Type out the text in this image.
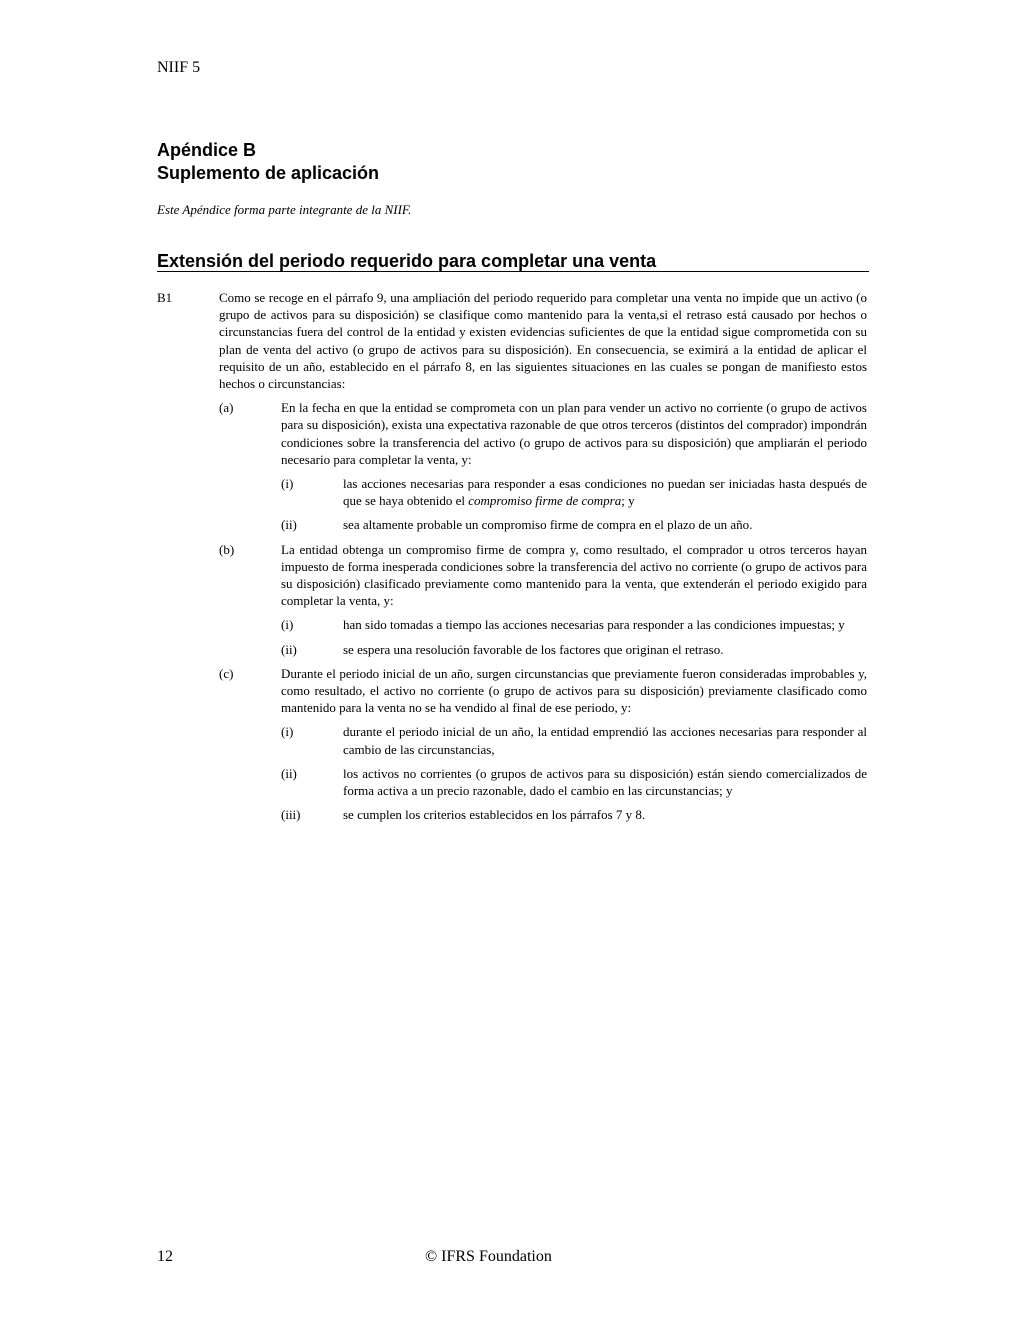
NIIF 5
Apéndice B
Suplemento de aplicación
Este Apéndice forma parte integrante de la NIIF.
Extensión del periodo requerido para completar una venta
B1	Como se recoge en el párrafo 9, una ampliación del periodo requerido para completar una venta no impide que un activo (o grupo de activos para su disposición) se clasifique como mantenido para la venta,si el retraso está causado por hechos o circunstancias fuera del control de la entidad y existen evidencias suficientes de que la entidad sigue comprometida con su plan de venta del activo (o grupo de activos para su disposición). En consecuencia, se eximirá a la entidad de aplicar el requisito de un año, establecido en el párrafo 8, en las siguientes situaciones en las cuales se pongan de manifiesto estos hechos o circunstancias:
(a)	En la fecha en que la entidad se comprometa con un plan para vender un activo no corriente (o grupo de activos para su disposición), exista una expectativa razonable de que otros terceros (distintos del comprador) impondrán condiciones sobre la transferencia del activo (o grupo de activos para su disposición) que ampliarán el periodo necesario para completar la venta, y:
(i)	las acciones necesarias para responder a esas condiciones no puedan ser iniciadas hasta después de que se haya obtenido el compromiso firme de compra; y
(ii)	sea altamente probable un compromiso firme de compra en el plazo de un año.
(b)	La entidad obtenga un compromiso firme de compra y, como resultado, el comprador u otros terceros hayan impuesto de forma inesperada condiciones sobre la transferencia del activo no corriente (o grupo de activos para su disposición) clasificado previamente como mantenido para la venta, que extenderán el periodo exigido para completar la venta, y:
(i)	han sido tomadas a tiempo las acciones necesarias para responder a las condiciones impuestas; y
(ii)	se espera una resolución favorable de los factores que originan el retraso.
(c)	Durante el periodo inicial de un año, surgen circunstancias que previamente fueron consideradas improbables y, como resultado, el activo no corriente (o grupo de activos para su disposición) previamente clasificado como mantenido para la venta no se ha vendido al final de ese periodo, y:
(i)	durante el periodo inicial de un año, la entidad emprendió las acciones necesarias para responder al cambio de las circunstancias,
(ii)	los activos no corrientes (o grupos de activos para su disposición) están siendo comercializados de forma activa a un precio razonable, dado el cambio en las circunstancias; y
(iii)	se cumplen los criterios establecidos en los párrafos 7 y 8.
12	© IFRS Foundation
